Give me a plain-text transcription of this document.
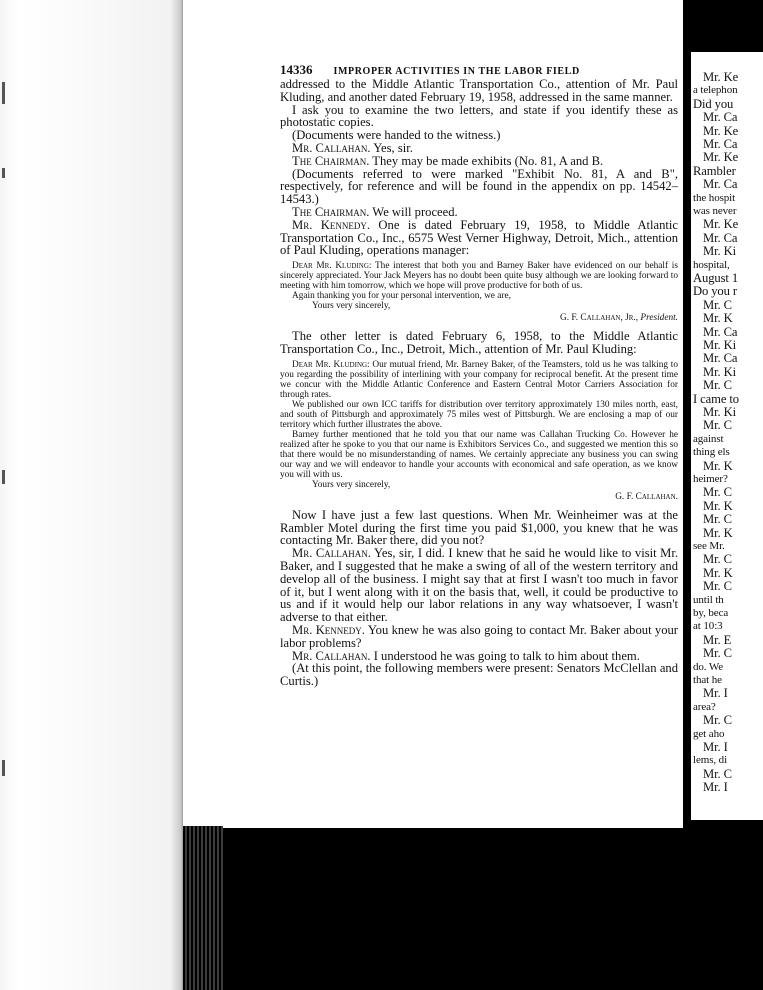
Mr. Ke
a telephon
Did you
Mr. Ca
Mr. Ke
Mr. Ca
Mr. Ke
Rambler
Mr. Ca
the hospit
was never
Mr. Ke
Mr. Ca
Mr. Ki
hospital,
August 1
Do you r
Mr. C
Mr. K
Mr. Ca
Mr. Ki
Mr. Ca
Mr. Ki
Mr. C
I came to
Mr. Ki
Mr. C
against
thing els
Mr. K
heimer?
Mr. C
Mr. K
Mr. C
Mr. K
see Mr.
Mr. C
Mr. K
Mr. C
until th
by, beca
at 10:3
Mr. E
Mr. C
do. We
that he
Mr. I
area?
Mr. C
get aho
Mr. I
lems, di
Mr. C
Mr. I
14336 IMPROPER ACTIVITIES IN THE LABOR FIELD

addressed to the Middle Atlantic Transportation Co., attention of Mr. Paul Kluding, and another dated February 19, 1958, addressed in the same manner.

I ask you to examine the two letters, and state if you identify these as photostatic copies.

(Documents were handed to the witness.)

Mr. Callahan. Yes, sir.

The Chairman. They may be made exhibits (No. 81, A and B.

(Documents referred to were marked "Exhibit No. 81, A and B", respectively, for reference and will be found in the appendix on pp. 14542–14543.)

The Chairman. We will proceed.

Mr. Kennedy. One is dated February 19, 1958, to Middle Atlantic Transportation Co., Inc., 6575 West Verner Highway, Detroit, Mich., attention of Paul Kluding, operations manager:

Dear Mr. Kluding: The interest that both you and Barney Baker have evidenced on our behalf is sincerely appreciated. Your Jack Meyers has no doubt been quite busy although we are looking forward to meeting with him tomorrow, which we hope will prove productive for both of us.

Again thanking you for your personal intervention, we are,

Yours very sincerely,

G. F. Callahan, Jr., President.

The other letter is dated February 6, 1958, to the Middle Atlantic Transportation Co., Inc., Detroit, Mich., attention of Mr. Paul Kluding:

Dear Mr. Kluding: Our mutual friend, Mr. Barney Baker, of the Teamsters, told us he was talking to you regarding the possibility of interlining with your company for reciprocal benefit. At the present time we concur with the Middle Atlantic Conference and Eastern Central Motor Carriers Association for through rates.

We published our own ICC tariffs for distribution over territory approximately 130 miles north, east, and south of Pittsburgh and approximately 75 miles west of Pittsburgh. We are enclosing a map of our territory which further illustrates the above.

Barney further mentioned that he told you that our name was Callahan Trucking Co. However he realized after he spoke to you that our name is Exhibitors Services Co., and suggested we mention this so that there would be no misunderstanding of names. We certainly appreciate any business you can swing our way and we will endeavor to handle your accounts with economical and safe operation, as we know you will with us.

Yours very sincerely,

G. F. Callahan.

Now I have just a few last questions. When Mr. Weinheimer was at the Rambler Motel during the first time you paid $1,000, you knew that he was contacting Mr. Baker there, did you not?

Mr. Callahan. Yes, sir, I did. I knew that he said he would like to visit Mr. Baker, and I suggested that he make a swing of all of the western territory and develop all of the business. I might say that at first I wasn't too much in favor of it, but I went along with it on the basis that, well, it could be productive to us and if it would help our labor relations in any way whatsoever, I wasn't adverse to that either.

Mr. Kennedy. You knew he was also going to contact Mr. Baker about your labor problems?

Mr. Callahan. I understood he was going to talk to him about them.

(At this point, the following members were present: Senators McClellan and Curtis.)
